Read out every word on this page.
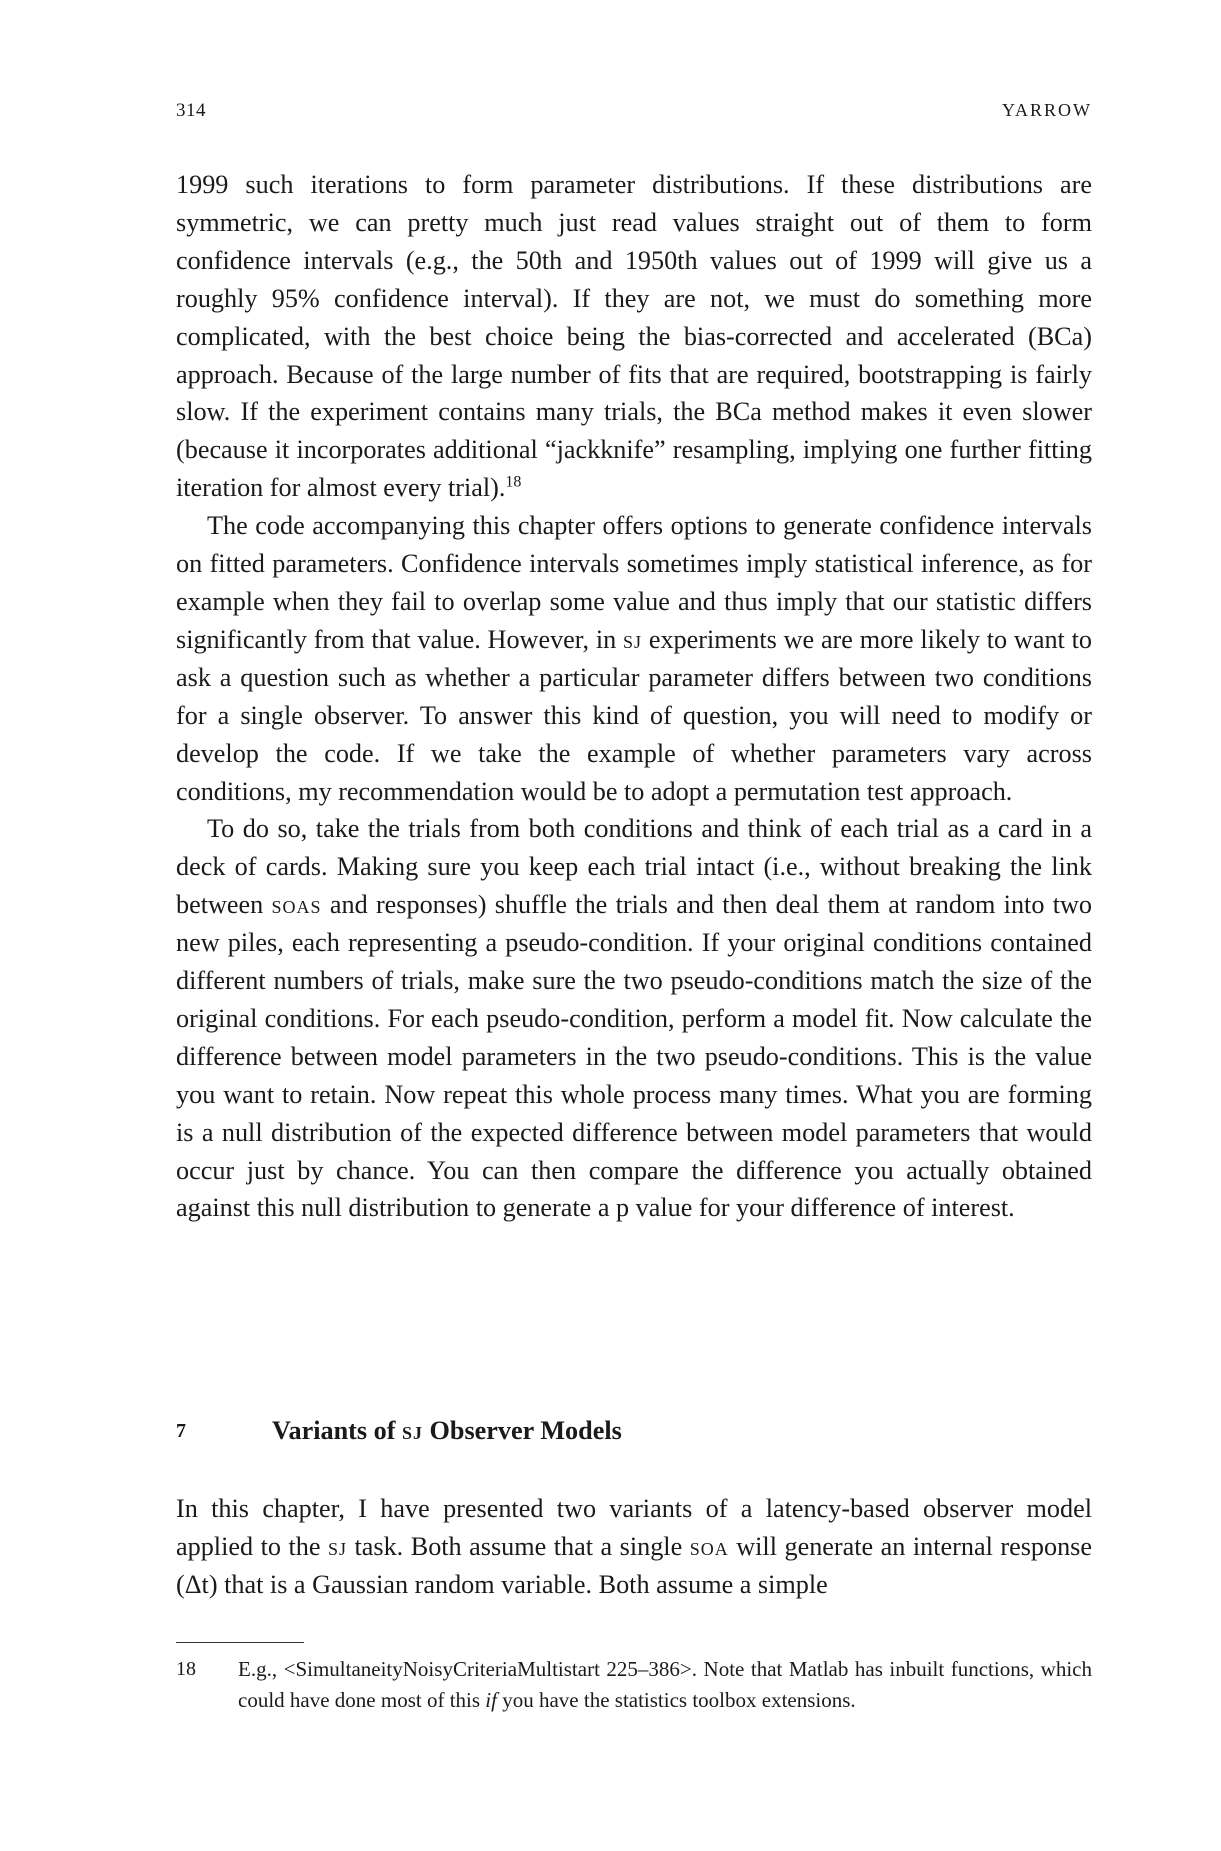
314	YARROW

1999 such iterations to form parameter distributions. If these distributions are symmetric, we can pretty much just read values straight out of them to form confidence intervals (e.g., the 50th and 1950th values out of 1999 will give us a roughly 95% confidence interval). If they are not, we must do something more complicated, with the best choice being the bias-corrected and accelerated (BCa) approach. Because of the large number of fits that are required, bootstrapping is fairly slow. If the experiment contains many trials, the BCa method makes it even slower (because it incorporates additional “jackknife” resampling, implying one further fitting iteration for almost every trial).$^{18}$

The code accompanying this chapter offers options to generate confidence intervals on fitted parameters. Confidence intervals sometimes imply statistical inference, as for example when they fail to overlap some value and thus imply that our statistic differs significantly from that value. However, in sj experiments we are more likely to want to ask a question such as whether a particular parameter differs between two conditions for a single observer. To answer this kind of question, you will need to modify or develop the code. If we take the example of whether parameters vary across conditions, my recommendation would be to adopt a permutation test approach.

To do so, take the trials from both conditions and think of each trial as a card in a deck of cards. Making sure you keep each trial intact (i.e., without breaking the link between soas and responses) shuffle the trials and then deal them at random into two new piles, each representing a pseudo-condition. If your original conditions contained different numbers of trials, make sure the two pseudo-conditions match the size of the original conditions. For each pseudo-condition, perform a model fit. Now calculate the difference between model parameters in the two pseudo-conditions. This is the value you want to retain. Now repeat this whole process many times. What you are forming is a null distribution of the expected difference between model parameters that would occur just by chance. You can then compare the difference you actually obtained against this null distribution to generate a p value for your difference of interest.

7	Variants of sj Observer Models

In this chapter, I have presented two variants of a latency-based observer model applied to the sj task. Both assume that a single soa will generate an internal response (Δt) that is a Gaussian random variable. Both assume a simple

18 E.g., <SimultaneityNoisyCriteriaMultistart 225–386>. Note that Matlab has inbuilt functions, which could have done most of this if you have the statistics toolbox extensions.
